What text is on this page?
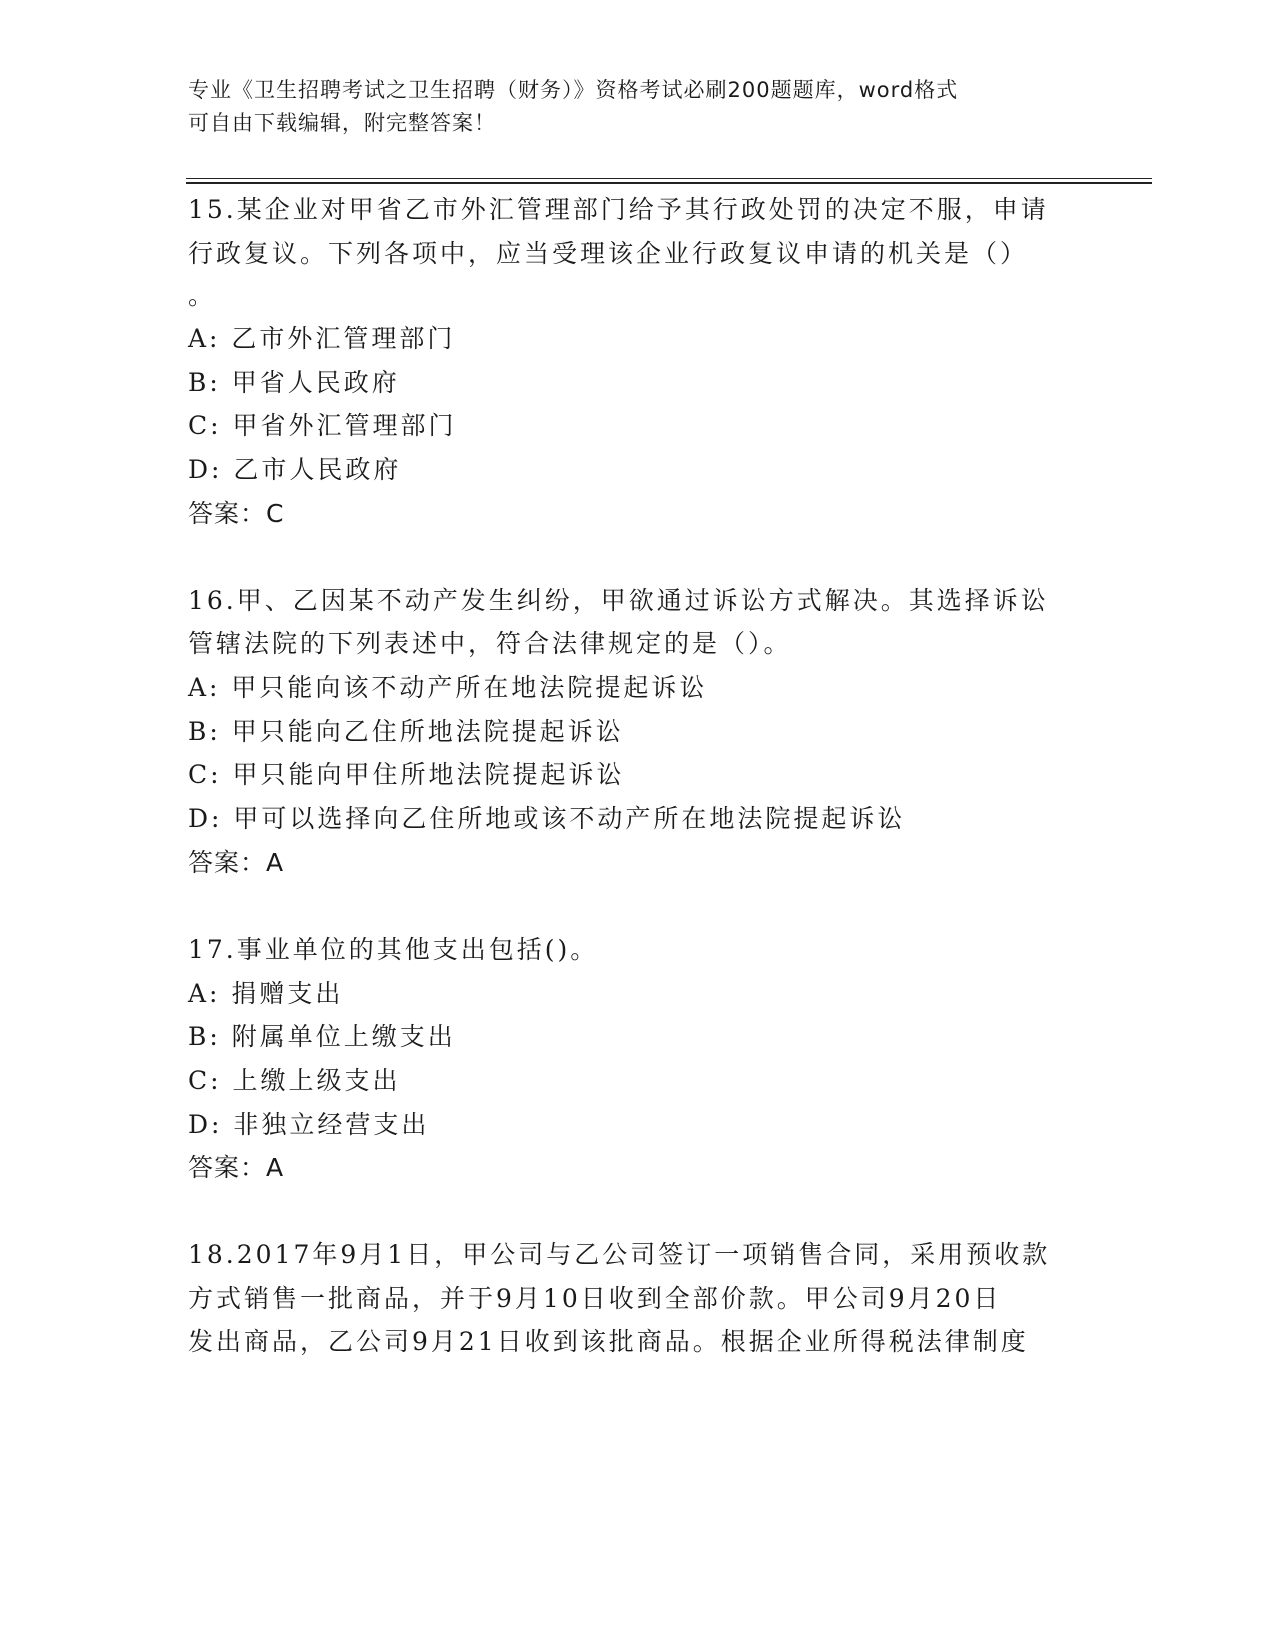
专业《卫生招聘考试之卫生招聘（财务）》资格考试必刷200题题库，word格式
可自由下载编辑，附完整答案！
15.某企业对甲省乙市外汇管理部门给予其行政处罚的决定不服，申请
行政复议。下列各项中，应当受理该企业行政复议申请的机关是（）
。
A: 乙市外汇管理部门
B: 甲省人民政府
C: 甲省外汇管理部门
D: 乙市人民政府
答案：C
16.甲、乙因某不动产发生纠纷，甲欲通过诉讼方式解决。其选择诉讼
管辖法院的下列表述中，符合法律规定的是（）。
A: 甲只能向该不动产所在地法院提起诉讼
B: 甲只能向乙住所地法院提起诉讼
C: 甲只能向甲住所地法院提起诉讼
D: 甲可以选择向乙住所地或该不动产所在地法院提起诉讼
答案：A
17.事业单位的其他支出包括()。
A: 捐赠支出
B: 附属单位上缴支出
C: 上缴上级支出
D: 非独立经营支出
答案：A
18.2017年9月1日，甲公司与乙公司签订一项销售合同，采用预收款
方式销售一批商品，并于9月10日收到全部价款。甲公司9月20日
发出商品，乙公司9月21日收到该批商品。根据企业所得税法律制度
